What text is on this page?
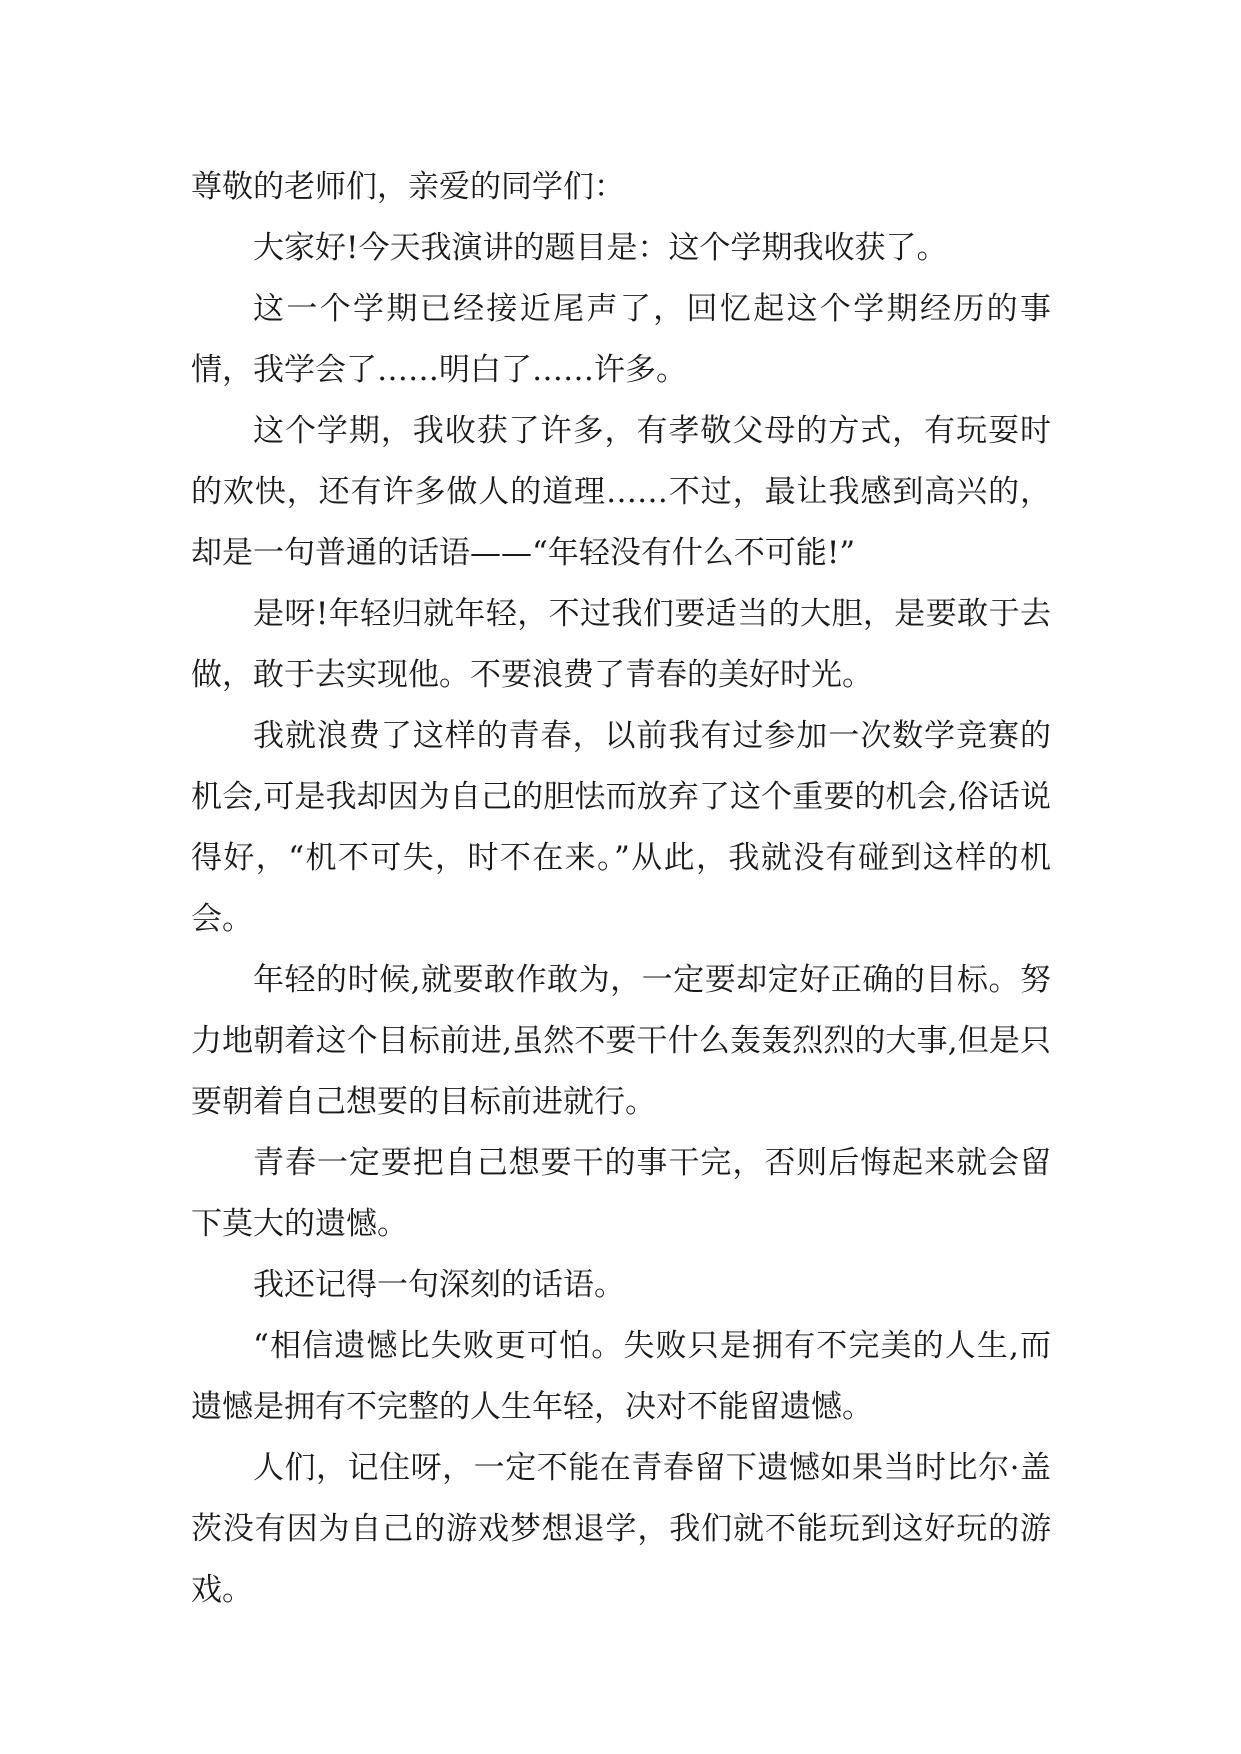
尊敬的老师们，亲爱的同学们：

大家好!今天我演讲的题目是：这个学期我收获了。

这一个学期已经接近尾声了，回忆起这个学期经历的事情，我学会了……明白了……许多。

这个学期，我收获了许多，有孝敬父母的方式，有玩耍时的欢快，还有许多做人的道理……不过，最让我感到高兴的，却是一句普通的话语——“年轻没有什么不可能!”

是呀!年轻归就年轻，不过我们要适当的大胆，是要敢于去做，敢于去实现他。不要浪费了青春的美好时光。

我就浪费了这样的青春，以前我有过参加一次数学竞赛的机会,可是我却因为自己的胆怯而放弃了这个重要的机会,俗话说得好，“机不可失，时不在来。”从此，我就没有碰到这样的机会。

年轻的时候,就要敢作敢为，一定要却定好正确的目标。努力地朝着这个目标前进,虽然不要干什么轰轰烈烈的大事,但是只要朝着自己想要的目标前进就行。

青春一定要把自己想要干的事干完，否则后悔起来就会留下莫大的遗憾。

我还记得一句深刻的话语。

“相信遗憾比失败更可怕。失败只是拥有不完美的人生,而遗憾是拥有不完整的人生年轻，决对不能留遗憾。

人们，记住呀，一定不能在青春留下遗憾如果当时比尔·盖茨没有因为自己的游戏梦想退学，我们就不能玩到这好玩的游戏。
